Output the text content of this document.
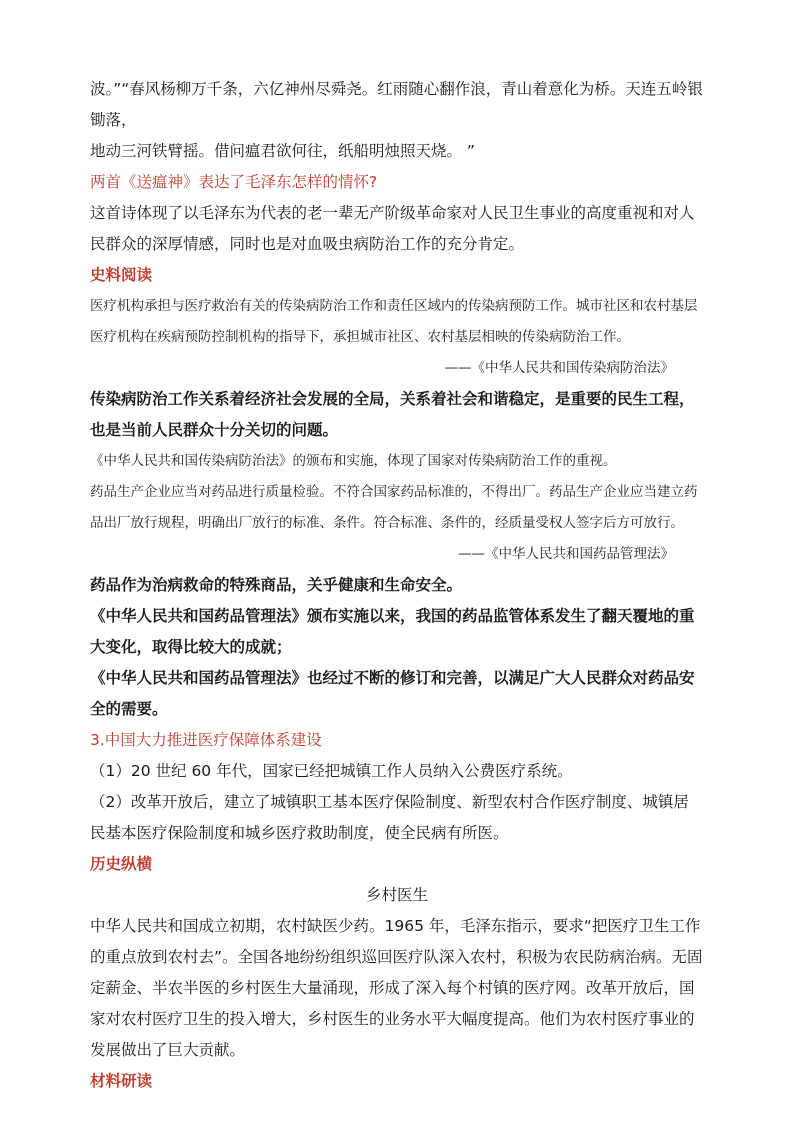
波。”“春风杨柳万千条，六亿神州尽舜尧。红雨随心翻作浪，青山着意化为桥。天连五岭银锄落，

地动三河铁臂摇。借问瘟君欲何往，纸船明烛照天烧。 ”

两首《送瘟神》表达了毛泽东怎样的情怀?

这首诗体现了以毛泽东为代表的老一辈无产阶级革命家对人民卫生事业的高度重视和对人民群众的深厚情感，同时也是对血吸虫病防治工作的充分肯定。

史料阅读

医疗机构承担与医疗救治有关的传染病防治工作和责任区域内的传染病预防工作。城市社区和农村基层医疗机构在疾病预防控制机构的指导下，承担城市社区、农村基层相映的传染病防治工作。

——《中华人民共和国传染病防治法》

传染病防治工作关系着经济社会发展的全局，关系着社会和谐稳定，是重要的民生工程，也是当前人民群众十分关切的问题。

《中华人民共和国传染病防治法》的颁布和实施，体现了国家对传染病防治工作的重视。

药品生产企业应当对药品进行质量检验。不符合国家药品标准的，不得出厂。药品生产企业应当建立药品出厂放行规程，明确出厂放行的标准、条件。符合标准、条件的，经质量受权人签字后方可放行。

——《中华人民共和国药品管理法》

药品作为治病救命的特殊商品，关乎健康和生命安全。

《中华人民共和国药品管理法》颁布实施以来，我国的药品监管体系发生了翻天覆地的重大变化，取得比较大的成就；

《中华人民共和国药品管理法》也经过不断的修订和完善，以满足广大人民群众对药品安全的需要。

3.中国大力推进医疗保障体系建设

（1）20 世纪 60 年代，国家已经把城镇工作人员纳入公费医疗系统。

（2）改革开放后，建立了城镇职工基本医疗保险制度、新型农村合作医疗制度、城镇居民基本医疗保险制度和城乡医疗救助制度，使全民病有所医。

历史纵横

乡村医生

中华人民共和国成立初期，农村缺医少药。1965 年，毛泽东指示，要求“把医疗卫生工作的重点放到农村去”。全国各地纷纷组织巡回医疗队深入农村，积极为农民防病治病。无固定薪金、半农半医的乡村医生大量涌现，形成了深入每个村镇的医疗网。改革开放后，国家对农村医疗卫生的投入增大，乡村医生的业务水平大幅度提高。他们为农村医疗事业的发展做出了巨大贡献。

材料研读
